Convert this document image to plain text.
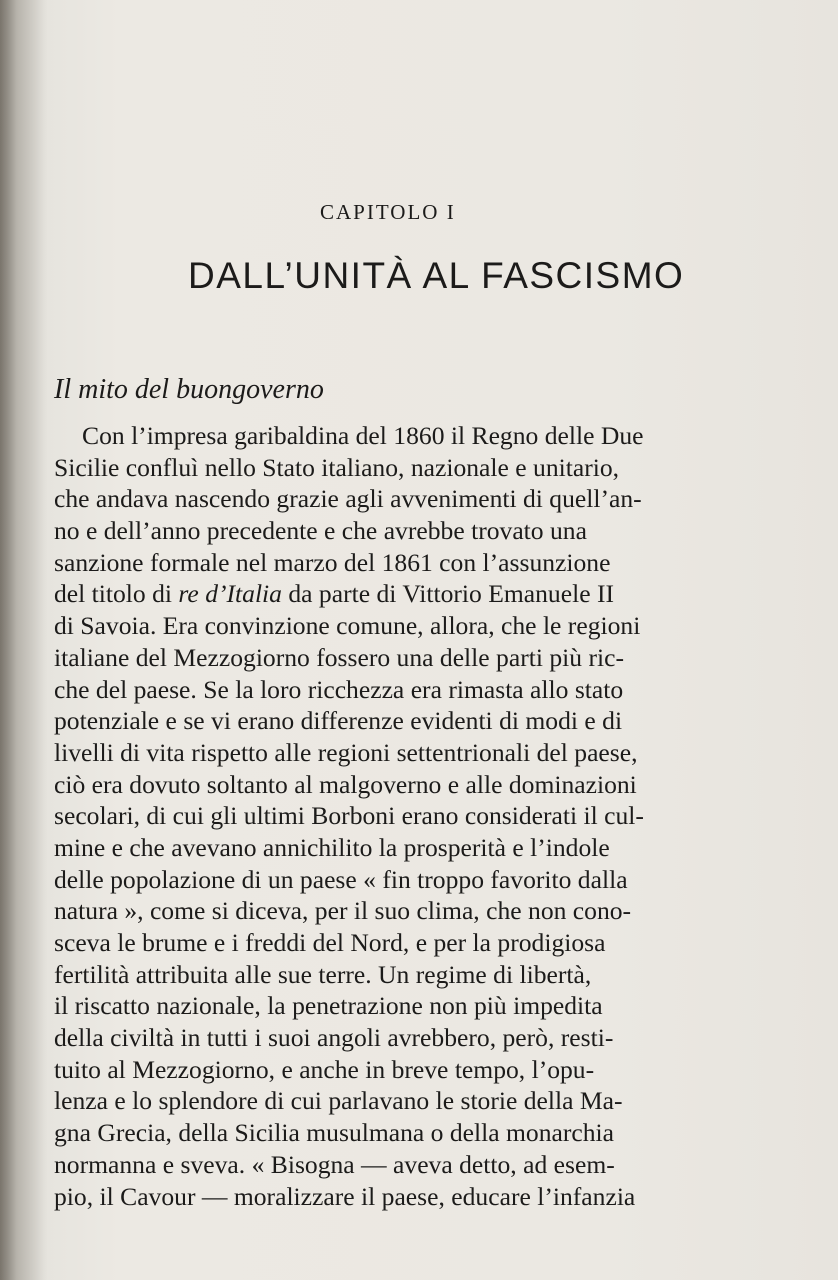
CAPITOLO I
DALL’UNITÀ AL FASCISMO
Il mito del buongoverno
Con l’impresa garibaldina del 1860 il Regno delle Due
Sicilie confluì nello Stato italiano, nazionale e unitario,
che andava nascendo grazie agli avvenimenti di quell’an-
no e dell’anno precedente e che avrebbe trovato una
sanzione formale nel marzo del 1861 con l’assunzione
del titolo di re d’Italia da parte di Vittorio Emanuele II
di Savoia. Era convinzione comune, allora, che le regioni
italiane del Mezzogiorno fossero una delle parti più ric-
che del paese. Se la loro ricchezza era rimasta allo stato
potenziale e se vi erano differenze evidenti di modi e di
livelli di vita rispetto alle regioni settentrionali del paese,
ciò era dovuto soltanto al malgoverno e alle dominazioni
secolari, di cui gli ultimi Borboni erano considerati il cul-
mine e che avevano annichilito la prosperità e l’indole
delle popolazione di un paese « fin troppo favorito dalla
natura », come si diceva, per il suo clima, che non cono-
sceva le brume e i freddi del Nord, e per la prodigiosa
fertilità attribuita alle sue terre. Un regime di libertà,
il riscatto nazionale, la penetrazione non più impedita
della civiltà in tutti i suoi angoli avrebbero, però, resti-
tuito al Mezzogiorno, e anche in breve tempo, l’opu-
lenza e lo splendore di cui parlavano le storie della Ma-
gna Grecia, della Sicilia musulmana o della monarchia
normanna e sveva. « Bisogna — aveva detto, ad esem-
pio, il Cavour — moralizzare il paese, educare l’infanzia
